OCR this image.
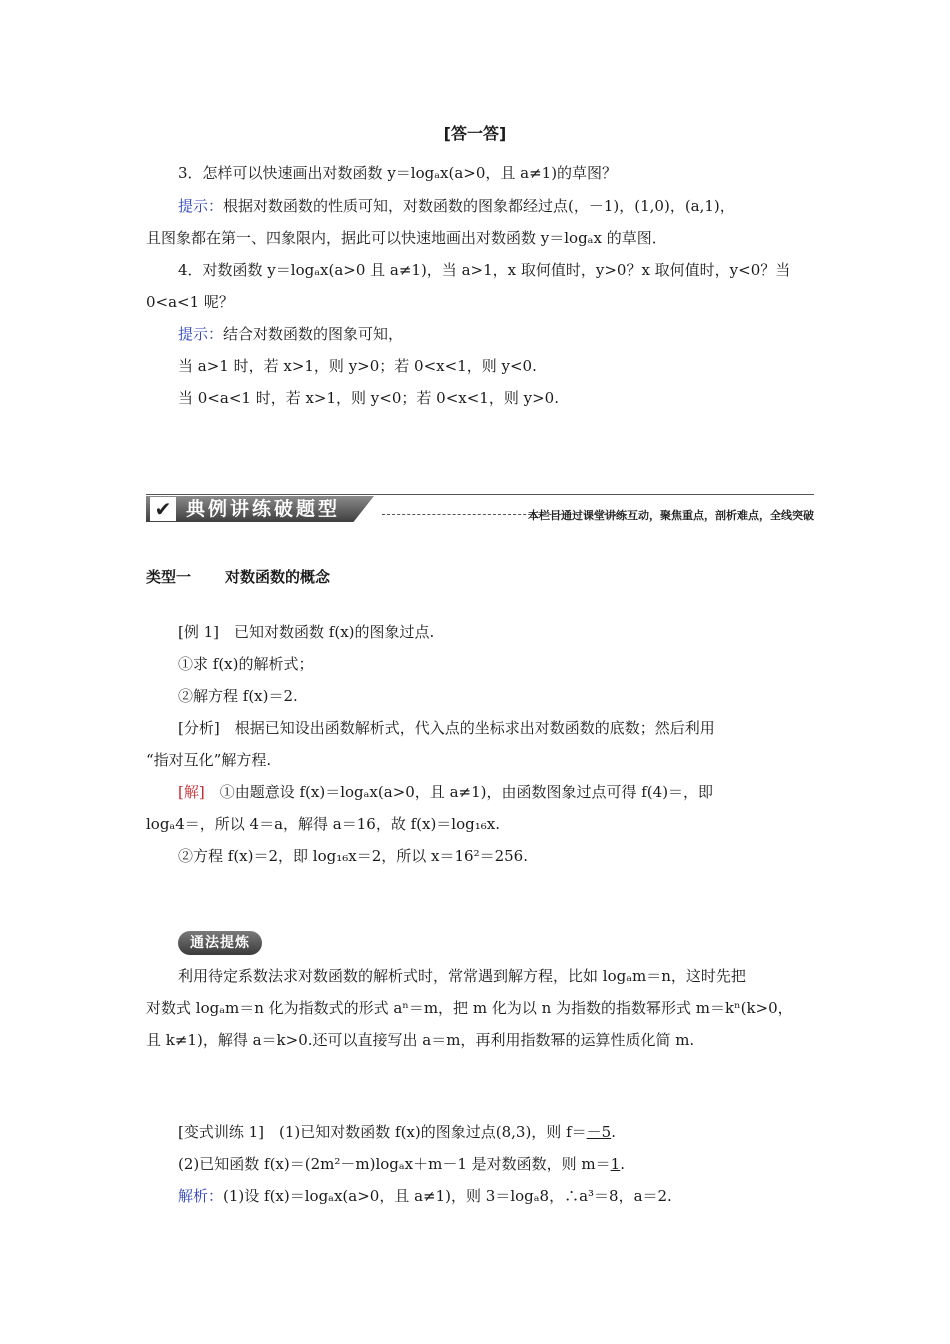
[答一答]
3．怎样可以快速画出对数函数 y＝logₐx(a>0，且 a≠1)的草图？
提示：根据对数函数的性质可知，对数函数的图象都经过点(，－1)，(1,0)，(a,1)，
且图象都在第一、四象限内，据此可以快速地画出对数函数 y＝logₐx 的草图．
4．对数函数 y＝logₐx(a>0 且 a≠1)，当 a>1，x 取何值时，y>0？x 取何值时，y<0？当
0<a<1 呢？
提示：结合对数函数的图象可知，
当 a>1 时，若 x>1，则 y>0；若 0<x<1，则 y<0.
当 0<a<1 时，若 x>1，则 y<0；若 0<x<1，则 y>0.
✔ 典例讲练破题型	本栏目通过课堂讲练互动，聚焦重点，剖析难点，全线突破
类型一 对数函数的概念
[例 1]　已知对数函数 f(x)的图象过点.
①求 f(x)的解析式；
②解方程 f(x)＝2.
[分析]　根据已知设出函数解析式，代入点的坐标求出对数函数的底数；然后利用
“指对互化”解方程.
[解]　 ①由题意设 f(x)＝logₐx(a>0，且 a≠1)，由函数图象过点可得 f(4)＝，即
logₐ4＝，所以 4＝a，解得 a＝16，故 f(x)＝log₁₆x.
②方程 f(x)＝2，即 log₁₆x＝2，所以 x＝16²＝256.
通法提炼
利用待定系数法求对数函数的解析式时，常常遇到解方程，比如 logₐm＝n，这时先把
对数式 logₐm＝n 化为指数式的形式 aⁿ＝m，把 m 化为以 n 为指数的指数幂形式 m＝kⁿ(k>0，
且 k≠1)，解得 a＝k>0.还可以直接写出 a＝m，再利用指数幂的运算性质化简 m.
[变式训练 1]　(1)已知对数函数 f(x)的图象过点(8,3)，则 f＝－5.
(2)已知函数 f(x)＝(2m²－m)logₐx＋m－1 是对数函数，则 m＝1.
解析：(1)设 f(x)＝logₐx(a>0，且 a≠1)，则 3＝logₐ8，∴a³＝8，a＝2.
